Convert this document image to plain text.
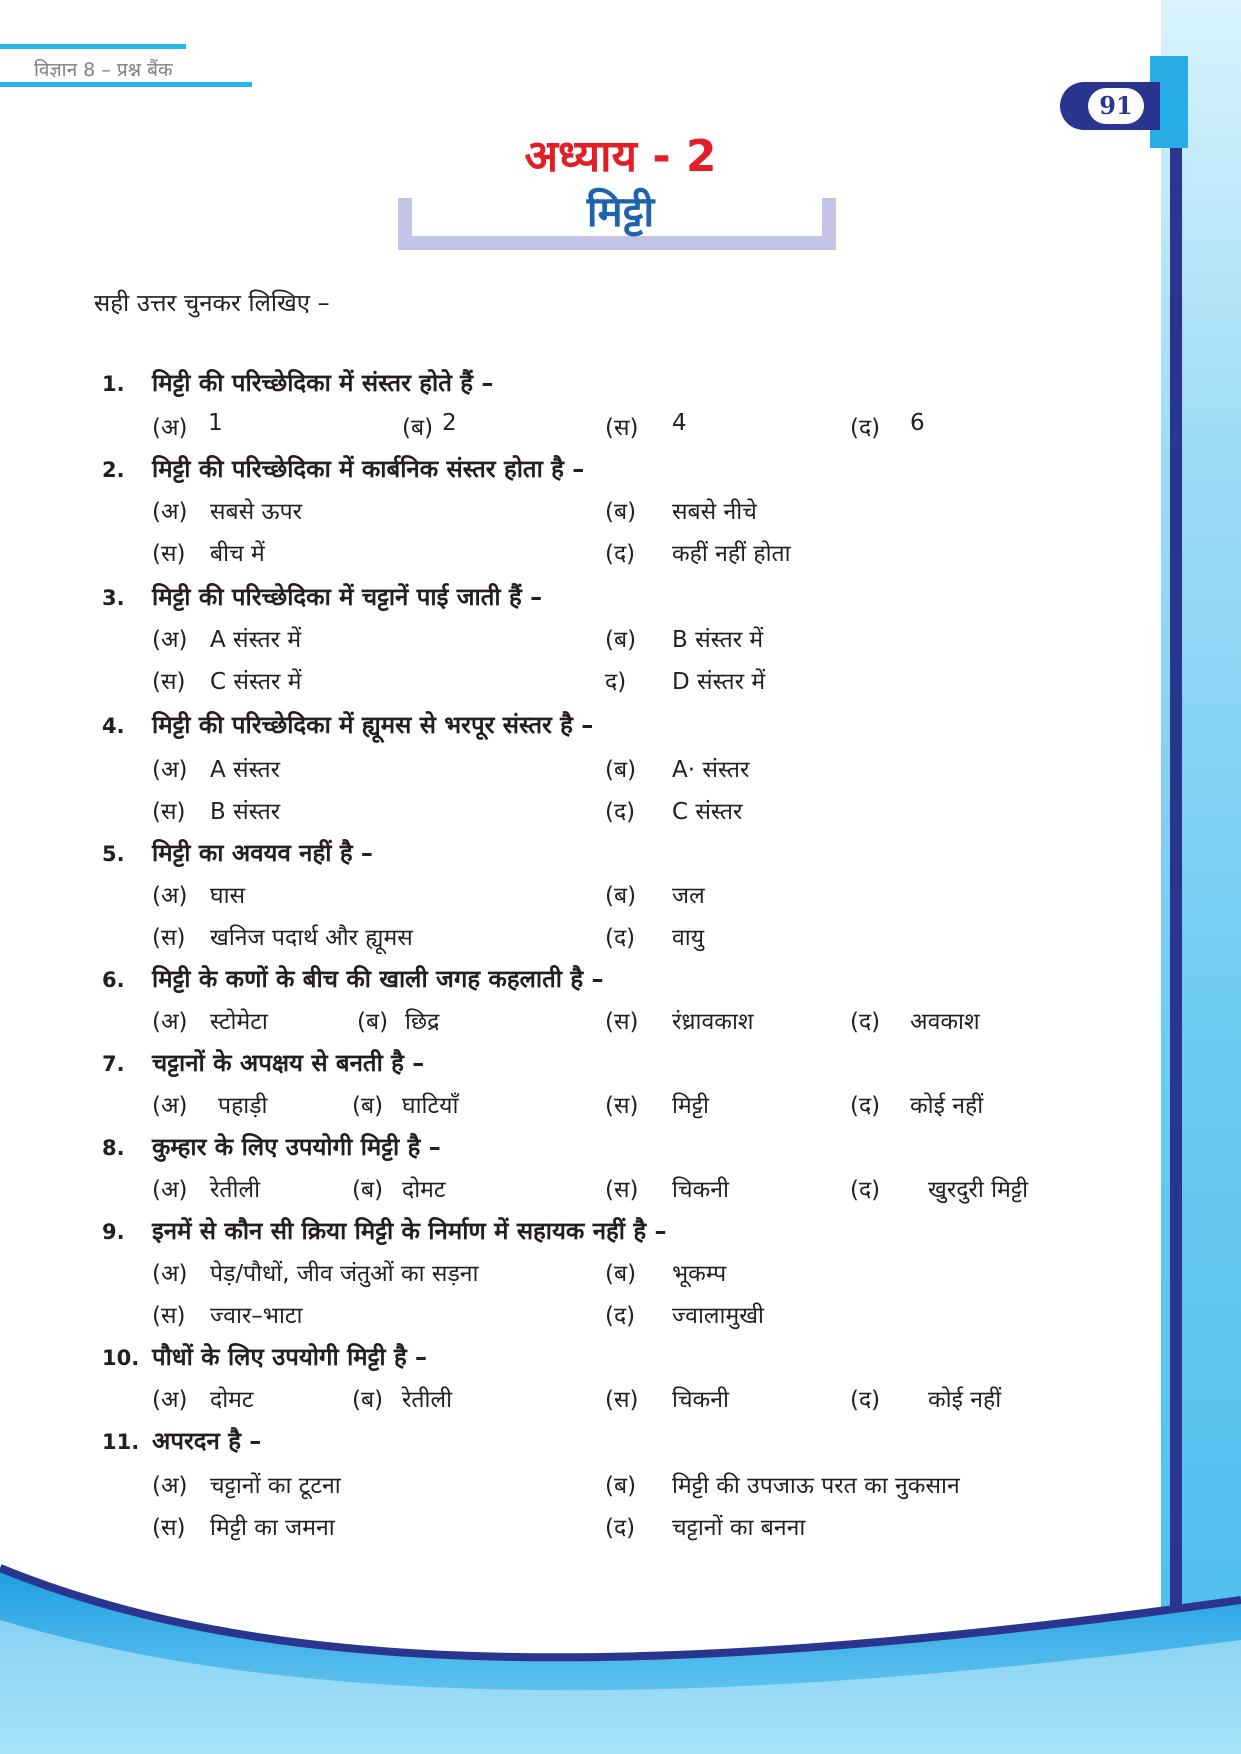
91
विज्ञान 8 – प्रश्न बैंक
अध्याय - 2
मिट्टी
सही उत्तर चुनकर लिखिए –
1. मिट्टी की परिच्छेदिका में संस्तर होते हैं –
(अ) 1	(ब) 2	(स) 4	(द) 6
2. मिट्टी की परिच्छेदिका में कार्बनिक संस्तर होता है –
(अ) सबसे ऊपर	(ब) सबसे नीचे
(स) बीच में	(द) कहीं नहीं होता
3. मिट्टी की परिच्छेदिका में चट्टानें पाई जाती हैं –
(अ) A संस्तर में	(ब) B संस्तर में
(स) C संस्तर में	द) D संस्तर में
4. मिट्टी की परिच्छेदिका में ह्यूमस से भरपूर संस्तर है –
(अ) A संस्तर	(ब) A· संस्तर
(स) B संस्तर	(द) C संस्तर
5. मिट्टी का अवयव नहीं है –
(अ) घास	(ब) जल
(स) खनिज पदार्थ और ह्यूमस	(द) वायु
6. मिट्टी के कणों के बीच की खाली जगह कहलाती है –
(अ) स्टोमेटा	(ब) छिद्र	(स) रंध्रावकाश	(द) अवकाश
7. चट्टानों के अपक्षय से बनती है –
(अ) पहाड़ी	(ब) घाटियाँ	(स) मिट्टी	(द) कोई नहीं
8. कुम्हार के लिए उपयोगी मिट्टी है –
(अ) रेतीली	(ब) दोमट	(स) चिकनी	(द) खुरदुरी मिट्टी
9. इनमें से कौन सी क्रिया मिट्टी के निर्माण में सहायक नहीं है –
(अ) पेड़/पौधों, जीव जंतुओं का सड़ना	(ब) भूकम्प
(स) ज्वार–भाटा	(द) ज्वालामुखी
10. पौधों के लिए उपयोगी मिट्टी है –
(अ) दोमट	(ब) रेतीली	(स) चिकनी	(द) कोई नहीं
11. अपरदन है –
(अ) चट्टानों का टूटना	(ब) मिट्टी की उपजाऊ परत का नुकसान
(स) मिट्टी का जमना	(द) चट्टानों का बनना
